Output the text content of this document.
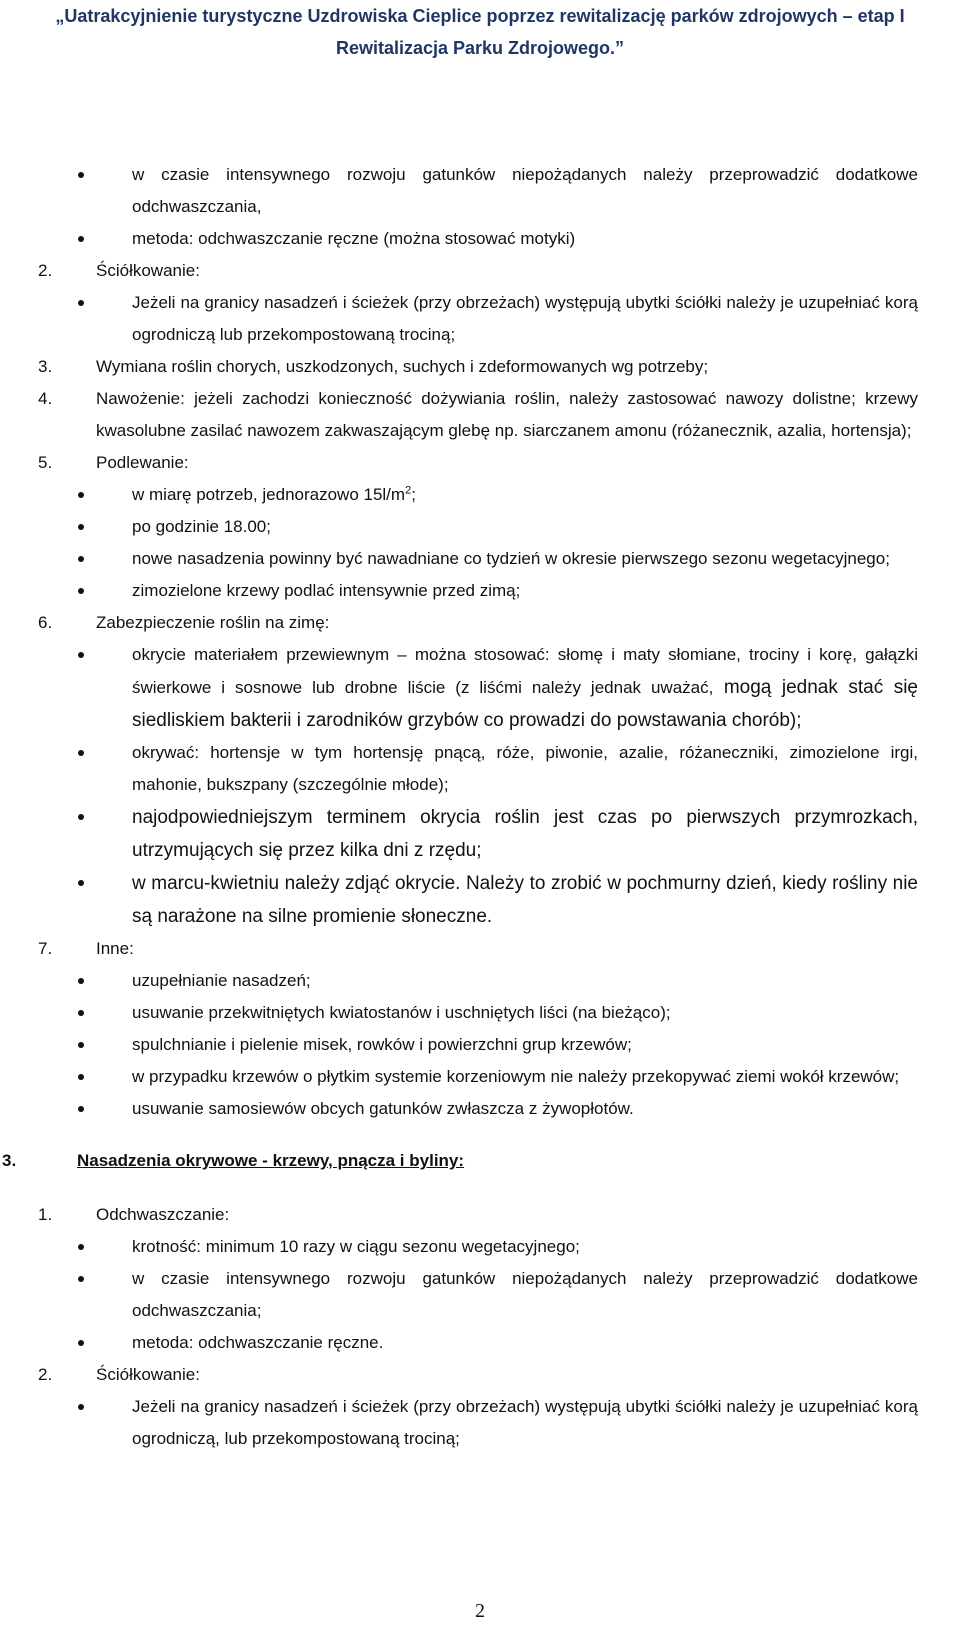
„Uatrakcyjnienie turystyczne Uzdrowiska Cieplice poprzez rewitalizację parków zdrojowych – etap I
Rewitalizacja Parku Zdrojowego.”
w czasie intensywnego rozwoju gatunków niepożądanych należy przeprowadzić dodatkowe odchwaszczania,
metoda: odchwaszczanie ręczne (można stosować motyki)
2.	Ściółkowanie:
Jeżeli na granicy nasadzeń i ścieżek (przy obrzeżach) występują ubytki ściółki należy je uzupełniać korą ogrodniczą lub przekompostowaną trociną;
3.	Wymiana roślin chorych, uszkodzonych, suchych i zdeformowanych wg potrzeby;
4.	Nawożenie: jeżeli zachodzi konieczność dożywiania roślin, należy zastosować nawozy dolistne; krzewy kwasolubne zasilać nawozem zakwaszającym glebę np. siarczanem amonu (różanecznik, azalia, hortensja);
5.	Podlewanie:
w miarę potrzeb, jednorazowo $15l/m^2$;
po godzinie 18.00;
nowe nasadzenia powinny być nawadniane co tydzień w okresie pierwszego sezonu wegetacyjnego;
zimozielone krzewy podlać intensywnie przed zimą;
6.	Zabezpieczenie roślin na zimę:
okrycie materiałem przewiewnym – można stosować: słomę i maty słomiane, trociny i korę, gałązki świerkowe i sosnowe lub drobne liście (z liśćmi należy jednak uważać, mogą jednak stać się siedliskiem bakterii i zarodników grzybów co prowadzi do powstawania chorób);
okrywać: hortensje w tym hortensję pnącą, róże, piwonie, azalie, różaneczniki, zimozielone irgi, mahonie, bukszpany (szczególnie młode);
najodpowiedniejszym terminem okrycia roślin jest czas po pierwszych przymrozkach, utrzymujących się przez kilka dni z rzędu;
w marcu-kwietniu należy zdjąć okrycie. Należy to zrobić w pochmurny dzień, kiedy rośliny nie są narażone na silne promienie słoneczne.
7.	Inne:
uzupełnianie nasadzeń;
usuwanie przekwitniętych kwiatostanów i uschniętych liści (na bieżąco);
spulchnianie i pielenie misek, rowków i powierzchni grup krzewów;
w przypadku krzewów o płytkim systemie korzeniowym nie należy przekopywać ziemi wokół krzewów;
usuwanie samosiewów obcych gatunków zwłaszcza z żywopłotów.
3.	Nasadzenia okrywowe - krzewy, pnącza i byliny:
1.	Odchwaszczanie:
krotność: minimum 10 razy w ciągu sezonu wegetacyjnego;
w czasie intensywnego rozwoju gatunków niepożądanych należy przeprowadzić dodatkowe odchwaszczania;
metoda: odchwaszczanie ręczne.
2.	Ściółkowanie:
Jeżeli na granicy nasadzeń i ścieżek (przy obrzeżach) występują ubytki ściółki należy je uzupełniać korą ogrodniczą, lub przekompostowaną trociną;
2
